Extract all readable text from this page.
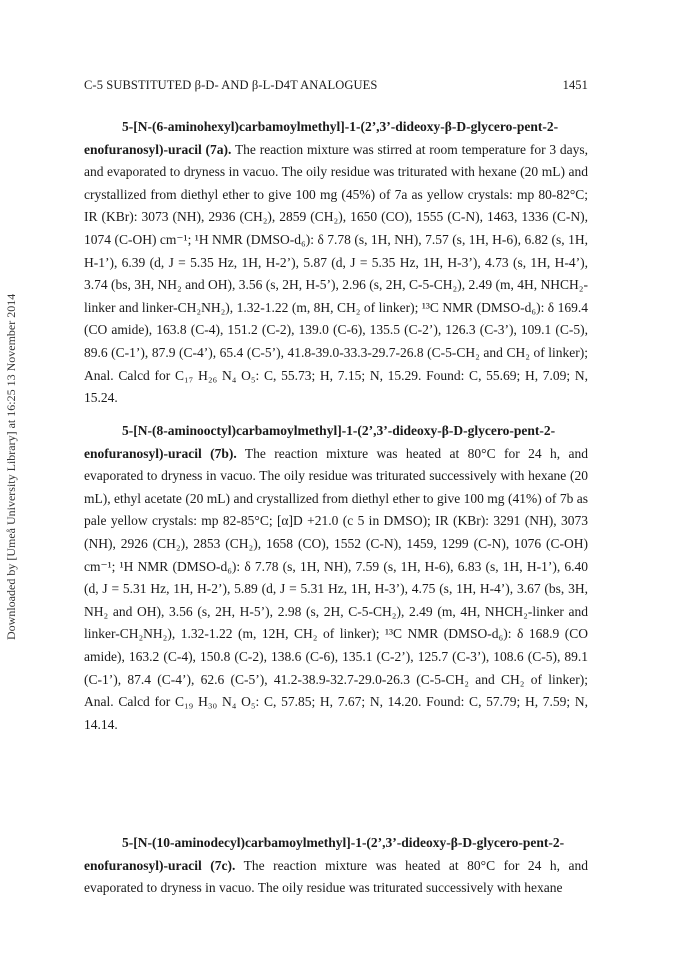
C-5 SUBSTITUTED β-D- AND β-L-D4T ANALOGUES	1451
Downloaded by [Umeå University Library] at 16:25 13 November 2014
5-[N-(6-aminohexyl)carbamoylmethyl]-1-(2’,3’-dideoxy-β-D-glycero-pent-2-
enofuranosyl)-uracil (7a). The reaction mixture was stirred at room temperature for 3 days, and evaporated to dryness in vacuo. The oily residue was triturated with hexane (20 mL) and crystallized from diethyl ether to give 100 mg (45%) of 7a as yellow crystals: mp 80-82°C; IR (KBr): 3073 (NH), 2936 (CH₂), 2859 (CH₂), 1650 (CO), 1555 (C-N), 1463, 1336 (C-N), 1074 (C-OH) cm⁻¹; ¹H NMR (DMSO-d₆): δ 7.78 (s, 1H, NH), 7.57 (s, 1H, H-6), 6.82 (s, 1H, H-1’), 6.39 (d, J = 5.35 Hz, 1H, H-2’), 5.87 (d, J = 5.35 Hz, 1H, H-3’), 4.73 (s, 1H, H-4’), 3.74 (bs, 3H, NH₂ and OH), 3.56 (s, 2H, H-5’), 2.96 (s, 2H, C-5-CH₂), 2.49 (m, 4H, NHCH₂-linker and linker-CH₂NH₂), 1.32-1.22 (m, 8H, CH₂ of linker); ¹³C NMR (DMSO-d₆): δ 169.4 (CO amide), 163.8 (C-4), 151.2 (C-2), 139.0 (C-6), 135.5 (C-2’), 126.3 (C-3’), 109.1 (C-5), 89.6 (C-1’), 87.9 (C-4’), 65.4 (C-5’), 41.8-39.0-33.3-29.7-26.8 (C-5-CH₂ and CH₂ of linker); Anal. Calcd for C₁₇ H₂₆ N₄ O₅: C, 55.73; H, 7.15; N, 15.29. Found: C, 55.69; H, 7.09; N, 15.24.
5-[N-(8-aminooctyl)carbamoylmethyl]-1-(2’,3’-dideoxy-β-D-glycero-pent-2-
enofuranosyl)-uracil (7b). The reaction mixture was heated at 80°C for 24 h, and evaporated to dryness in vacuo. The oily residue was triturated successively with hexane (20 mL), ethyl acetate (20 mL) and crystallized from diethyl ether to give 100 mg (41%) of 7b as pale yellow crystals: mp 82-85°C; [α]D +21.0 (c 5 in DMSO); IR (KBr): 3291 (NH), 3073 (NH), 2926 (CH₂), 2853 (CH₂), 1658 (CO), 1552 (C-N), 1459, 1299 (C-N), 1076 (C-OH) cm⁻¹; ¹H NMR (DMSO-d₆): δ 7.78 (s, 1H, NH), 7.59 (s, 1H, H-6), 6.83 (s, 1H, H-1’), 6.40 (d, J = 5.31 Hz, 1H, H-2’), 5.89 (d, J = 5.31 Hz, 1H, H-3’), 4.75 (s, 1H, H-4’), 3.67 (bs, 3H, NH₂ and OH), 3.56 (s, 2H, H-5’), 2.98 (s, 2H, C-5-CH₂), 2.49 (m, 4H, NHCH₂-linker and linker-CH₂NH₂), 1.32-1.22 (m, 12H, CH₂ of linker); ¹³C NMR (DMSO-d₆): δ 168.9 (CO amide), 163.2 (C-4), 150.8 (C-2), 138.6 (C-6), 135.1 (C-2’), 125.7 (C-3’), 108.6 (C-5), 89.1 (C-1’), 87.4 (C-4’), 62.6 (C-5’), 41.2-38.9-32.7-29.0-26.3 (C-5-CH₂ and CH₂ of linker); Anal. Calcd for C₁₉ H₃₀ N₄ O₅: C, 57.85; H, 7.67; N, 14.20. Found: C, 57.79; H, 7.59; N, 14.14.
5-[N-(10-aminodecyl)carbamoylmethyl]-1-(2’,3’-dideoxy-β-D-glycero-pent-2-
enofuranosyl)-uracil (7c). The reaction mixture was heated at 80°C for 24 h, and evaporated to dryness in vacuo. The oily residue was triturated successively with hexane
